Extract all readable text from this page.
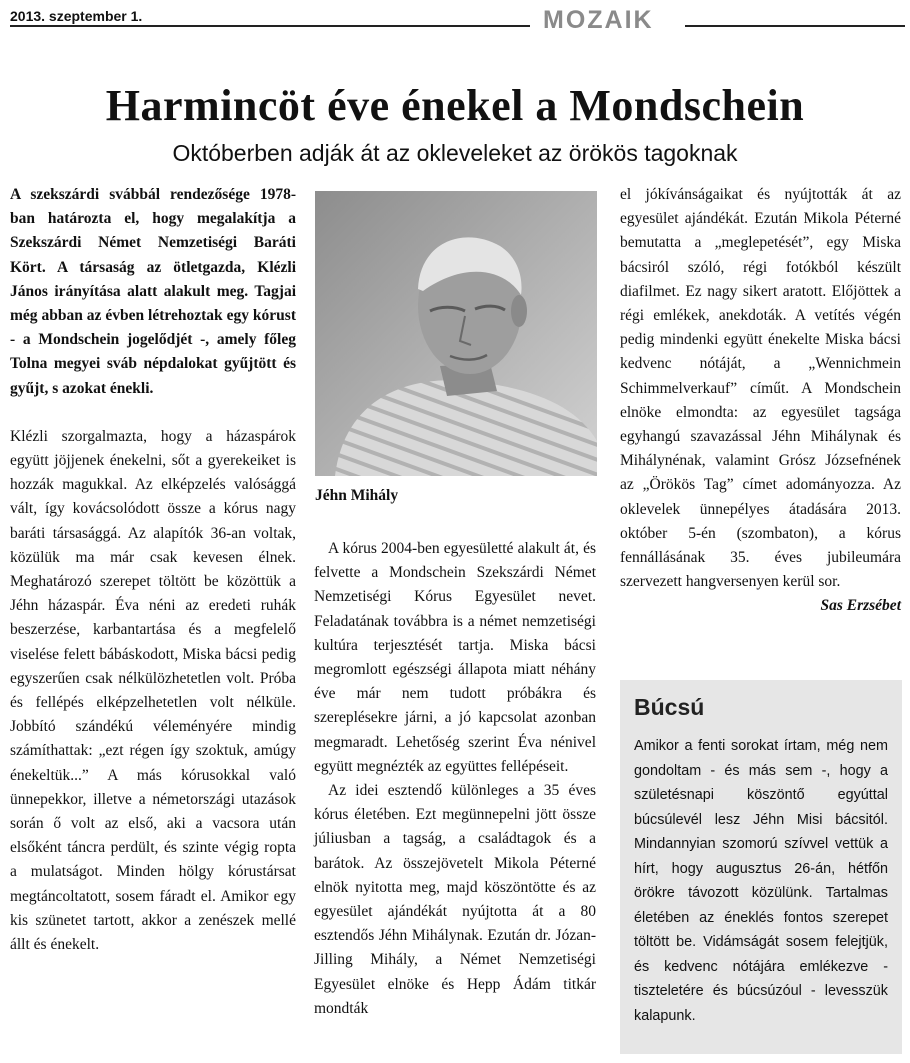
2013. szeptember 1.	MOZAIK
Harmincöt éve énekel a Mondschein
Októberben adják át az okleveleket az örökös tagoknak

A szekszárdi svábbál rendezősége 1978-ban határozta el, hogy megalakítja a Szekszárdi Német Nemzetiségi Baráti Kört. A társaság az ötletgazda, Klézli János irányítása alatt alakult meg. Tagjai még abban az évben létrehoztak egy kórust - a Mondschein jogelődjét -, amely főleg Tolna megyei sváb népdalokat gyűjtött és gyűjt, s azokat énekli.

Klézli szorgalmazta, hogy a házaspárok együtt jöjjenek énekelni, sőt a gyerekeiket is hozzák magukkal. Az elképzelés valósággá vált, így kovácsolódott össze a kórus nagy baráti társasággá. Az alapítók 36-an voltak, közülük ma már csak kevesen élnek. Meghatározó szerepet töltött be közöttük a Jéhn házaspár. Éva néni az eredeti ruhák beszerzése, karbantartása és a megfelelő viselése felett bábáskodott, Miska bácsi pedig egyszerűen csak nélkülözhetetlen volt. Próba és fellépés elképzelhetetlen volt nélküle. Jobbító szándékú véleményére mindig számíthattak: „ezt régen így szoktuk, amúgy énekeltük...” A más kórusokkal való ünnepekkor, illetve a németországi utazások során ő volt az első, aki a vacsora után elsőként táncra perdült, és szinte végig ropta a mulatságot. Minden hölgy kórustársat megtáncoltatott, sosem fáradt el. Amikor egy kis szünetet tartott, akkor a zenészek mellé állt és énekelt.

Jéhn Mihály

A kórus 2004-ben egyesületté alakult át, és felvette a Mondschein Szekszárdi Német Nemzetiségi Kórus Egyesület nevet. Feladatának továbbra is a német nemzetiségi kultúra terjesztését tartja. Miska bácsi megromlott egészségi állapota miatt néhány éve már nem tudott próbákra és szereplésekre járni, a jó kapcsolat azonban megmaradt. Lehetőség szerint Éva nénivel együtt megnézték az együttes fellépéseit.

Az idei esztendő különleges a 35 éves kórus életében. Ezt megünnepelni jött össze júliusban a tagság, a családtagok és a barátok. Az összejövetelt Mikola Péterné elnök nyitotta meg, majd köszöntötte és az egyesület ajándékát nyújtotta át a 80 esztendős Jéhn Mihálynak. Ezután dr. Józan-Jilling Mihály, a Német Nemzetiségi Egyesület elnöke és Hepp Ádám titkár mondták

el jókívánságaikat és nyújtották át az egyesület ajándékát. Ezután Mikola Péterné bemutatta a „meglepetését”, egy Miska bácsiról szóló, régi fotókból készült diafilmet. Ez nagy sikert aratott. Előjöttek a régi emlékek, anekdoták. A vetítés végén pedig mindenki együtt énekelte Miska bácsi kedvenc nótáját, a „Wennichmein Schimmelverkauf” címűt. A Mondschein elnöke elmondta: az egyesület tagsága egyhangú szavazással Jéhn Mihálynak és Mihálynénak, valamint Grósz Józsefnének az „Örökös Tag” címet adományozza. Az oklevelek ünnepélyes átadására 2013. október 5-én (szombaton), a kórus fennállásának 35. éves jubileumára szervezett hangversenyen kerül sor.
Sas Erzsébet

Búcsú

Amikor a fenti sorokat írtam, még nem gondoltam - és más sem -, hogy a születésnapi köszöntő egyúttal búcsúlevél lesz Jéhn Misi bácsitól. Mindannyian szomorú szívvel vettük a hírt, hogy augusztus 26-án, hétfőn örökre távozott közülünk. Tartalmas életében az éneklés fontos szerepet töltött be. Vidámságát sosem felejtjük, és kedvenc nótájára emlékezve - tiszteletére és búcsúzóul - levesszük kalapunk.
